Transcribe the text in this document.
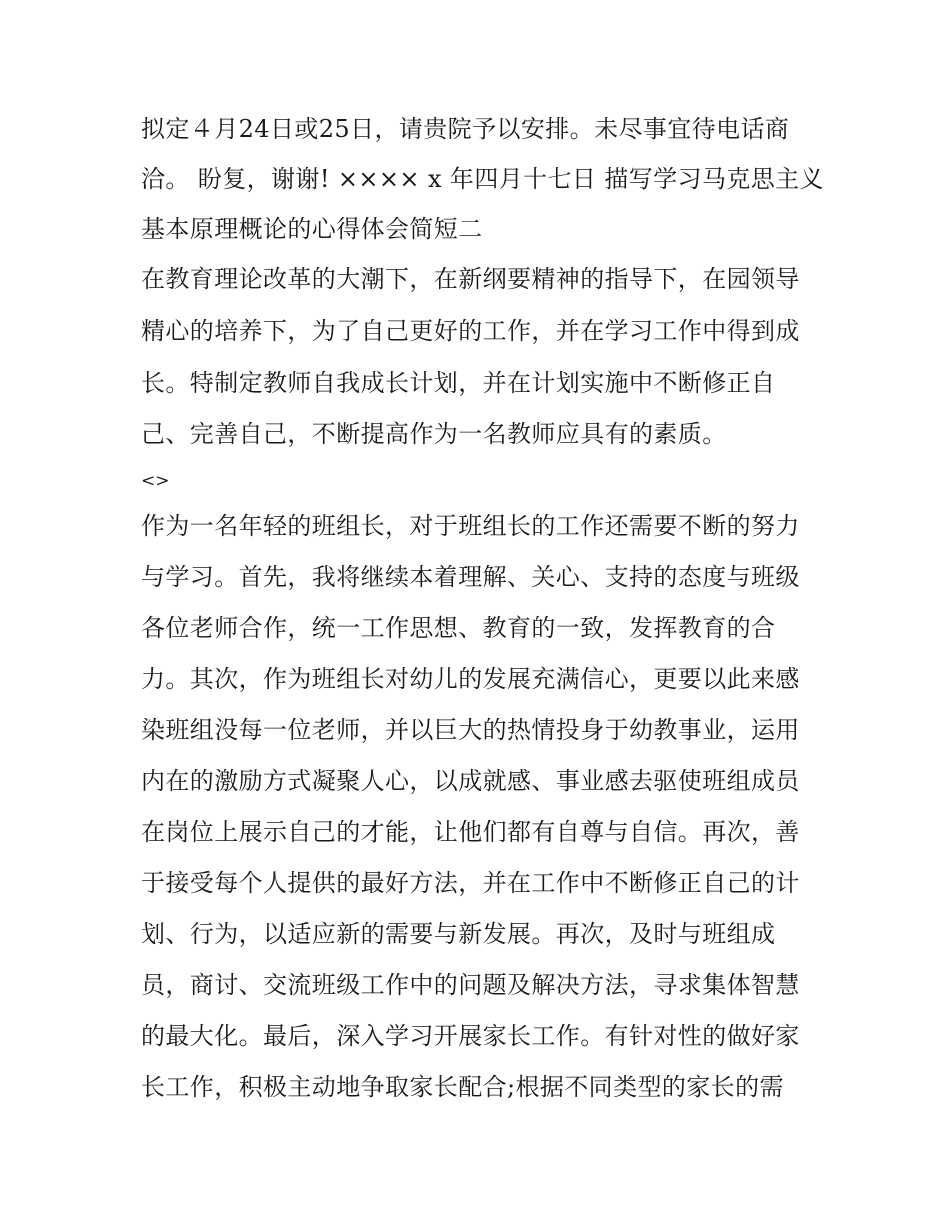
拟定４月24日或25日，请贵院予以安排。未尽事宜待电话商
洽。 盼复，谢谢! ×××× x 年四月十七日 描写学习马克思主义
基本原理概论的心得体会简短二
在教育理论改革的大潮下，在新纲要精神的指导下，在园领导
精心的培养下，为了自己更好的工作，并在学习工作中得到成
长。特制定教师自我成长计划，并在计划实施中不断修正自
己、完善自己，不断提高作为一名教师应具有的素质。
<>
作为一名年轻的班组长，对于班组长的工作还需要不断的努力
与学习。首先，我将继续本着理解、关心、支持的态度与班级
各位老师合作，统一工作思想、教育的一致，发挥教育的合
力。其次，作为班组长对幼儿的发展充满信心，更要以此来感
染班组没每一位老师，并以巨大的热情投身于幼教事业，运用
内在的激励方式凝聚人心，以成就感、事业感去驱使班组成员
在岗位上展示自己的才能，让他们都有自尊与自信。再次，善
于接受每个人提供的最好方法，并在工作中不断修正自己的计
划、行为，以适应新的需要与新发展。再次，及时与班组成
员，商讨、交流班级工作中的问题及解决方法，寻求集体智慧
的最大化。最后，深入学习开展家长工作。有针对性的做好家
长工作，积极主动地争取家长配合;根据不同类型的家长的需
